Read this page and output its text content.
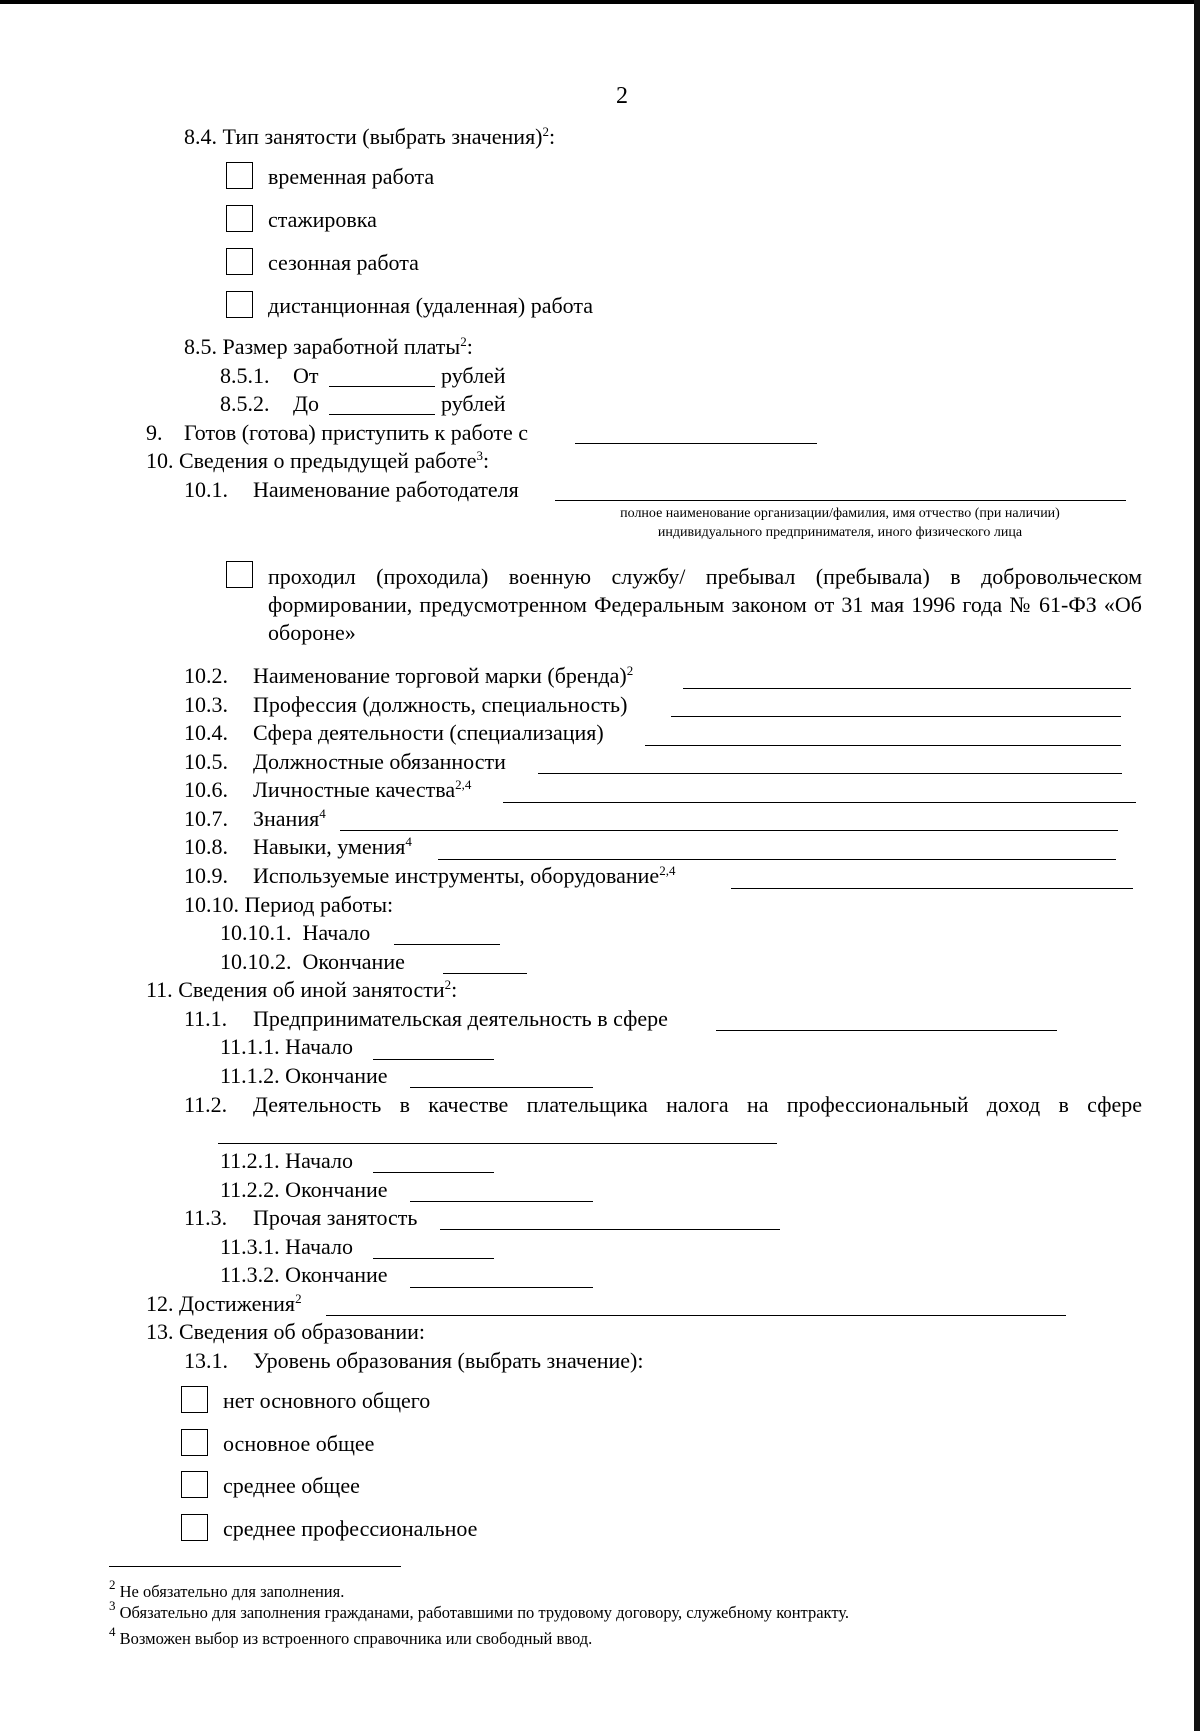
2
8.4. Тип занятости (выбрать значения)$^2$:
временная работа
стажировка
сезонная работа
дистанционная (удаленная) работа
8.5. Размер заработной платы$^2$:
8.5.1. От	рублей
8.5.2. До	рублей
9. Готов (готова) приступить к работе с
10. Сведения о предыдущей работе$^3$:
10.1. Наименование работодателя
полное наименование организации/фамилия, имя отчество (при наличии)
индивидуального предпринимателя, иного физического лица
проходил (проходила) военную службу/ пребывал (пребывала) в добровольческом формировании, предусмотренном Федеральным законом от 31 мая 1996 года № 61-ФЗ «Об обороне»
10.2. Наименование торговой марки (бренда)$^2$
10.3. Профессия (должность, специальность)
10.4. Сфера деятельности (специализация)
10.5. Должностные обязанности
10.6. Личностные качества$^{2,4}$
10.7. Знания$^4$
10.8. Навыки, умения$^4$
10.9. Используемые инструменты, оборудование$^{2,4}$
10.10. Период работы:
10.10.1. Начало
10.10.2. Окончание
11. Сведения об иной занятости$^2$:
11.1. Предпринимательская деятельность в сфере
11.1.1. Начало
11.1.2. Окончание
11.2. Деятельность в качестве плательщика налога на профессиональный доход в сфере
11.2.1. Начало
11.2.2. Окончание
11.3. Прочая занятость
11.3.1. Начало
11.3.2. Окончание
12. Достижения$^2$
13. Сведения об образовании:
13.1. Уровень образования (выбрать значение):
нет основного общего
основное общее
среднее общее
среднее профессиональное
$^2$ Не обязательно для заполнения.
$^3$ Обязательно для заполнения гражданами, работавшими по трудовому договору, служебному контракту.
$^4$ Возможен выбор из встроенного справочника или свободный ввод.
